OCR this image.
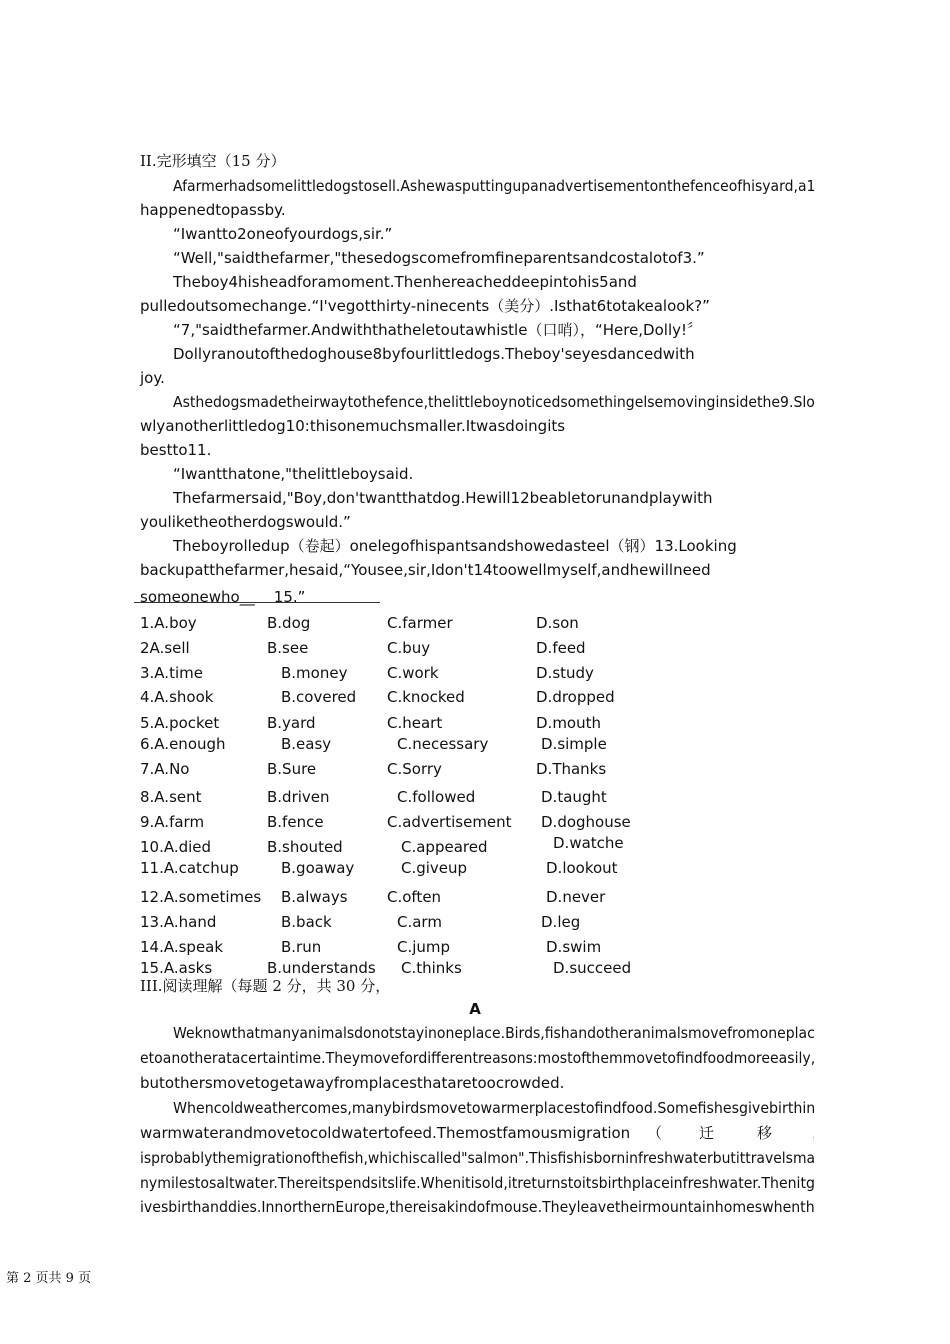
II.完形填空（15 分）
Afarmerhadsomelittledogstosell.Ashewasputtingupanadvertisementonthefenceofhisyard,a1
happenedtopassby.
“Iwantto2oneofyourdogs,sir.”
“Well,"saidthefarmer,"thesedogscomefromfineparentsandcostalotof3.”
Theboy4hisheadforamoment.Thenhereacheddeepintohis5and
pulledoutsomechange.“I'vegotthirty-ninecents（美分）.Isthat6totakealook?”
“7,"saidthefarmer.Andwiththatheletoutawhistle（口哨），“Here,Dolly!〞
Dollyranoutofthedoghouse8byfourlittledogs.Theboy'seyesdancedwith
joy.
Asthedogsmadetheirwaytothefence,thelittleboynoticedsomethingelsemovinginsidethe9.Slo
wlyanotherlittledog10:thisonemuchsmaller.Itwasdoingits
bestto11.
“Iwantthatone,"thelittleboysaid.
Thefarmersaid,"Boy,don'twantthatdog.Hewill12beabletorunandplaywith
youliketheotherdogswould.”
Theboyrolledup（卷起）onelegofhispantsandshowedasteel（钢）13.Looking
backupatthefarmer,hesaid,“Yousee,sir,Idon't14toowellmyself,andhewillneed
someonewho__    15.”
1.A.boy	B.dog	C.farmer	D.son
2A.sell	B.see	C.buy	D.feed
3.A.time	B.money	C.work	D.study
4.A.shook	B.covered C.knocked	D.dropped
5.A.pocket	B.yard	C.heart	D.mouth
6.A.enough	B.easy	C.necessary	D.simple
7.A.No	B.Sure	C.Sorry	D.Thanks
8.A.sent	B.driven	C.followed	D.taught
9.A.farm	B.fence	C.advertisement D.doghouse
10.A.died	B.shouted	C.appeared	D.watche
11.A.catchup	B.goaway	C.giveup	D.lookout
12.A.sometimes B.always	C.often	D.never
13.A.hand	B.back	C.arm	D.leg
14.A.speak	B.run	C.jump	D.swim
15.A.asks	B.understands C.thinks	D.succeed
III.阅读理解（每题 2 分，共 30 分，
A
Weknowthatmanyanimalsdonotstayinoneplace.Birds,fishandotheranimalsmovefromoneplac
etoanotheratacertaintime.Theymovefordifferentreasons:mostofthemmovetofindfoodmoreeasily,
butothersmovetogetawayfromplacesthataretoocrowded.
Whencoldweathercomes,manybirdsmovetowarmerplacestofindfood.Somefishesgivebirthin
warmwaterandmovetocoldwatertofeed.Themostfamousmigration （ 迁	移	，
isprobablythemigrationofthefish,whichiscalled"salmon".Thisfishisborninfreshwaterbutittravelsma
nymilestosaltwater.Thereitspendsitslife.Whenitisold,itreturnstoitsbirthplaceinfreshwater.Thenitg
ivesbirthanddies.InnorthernEurope,thereisakindofmouse.Theyleavetheirmountainhomeswhenth
第 2 页共 9 页
